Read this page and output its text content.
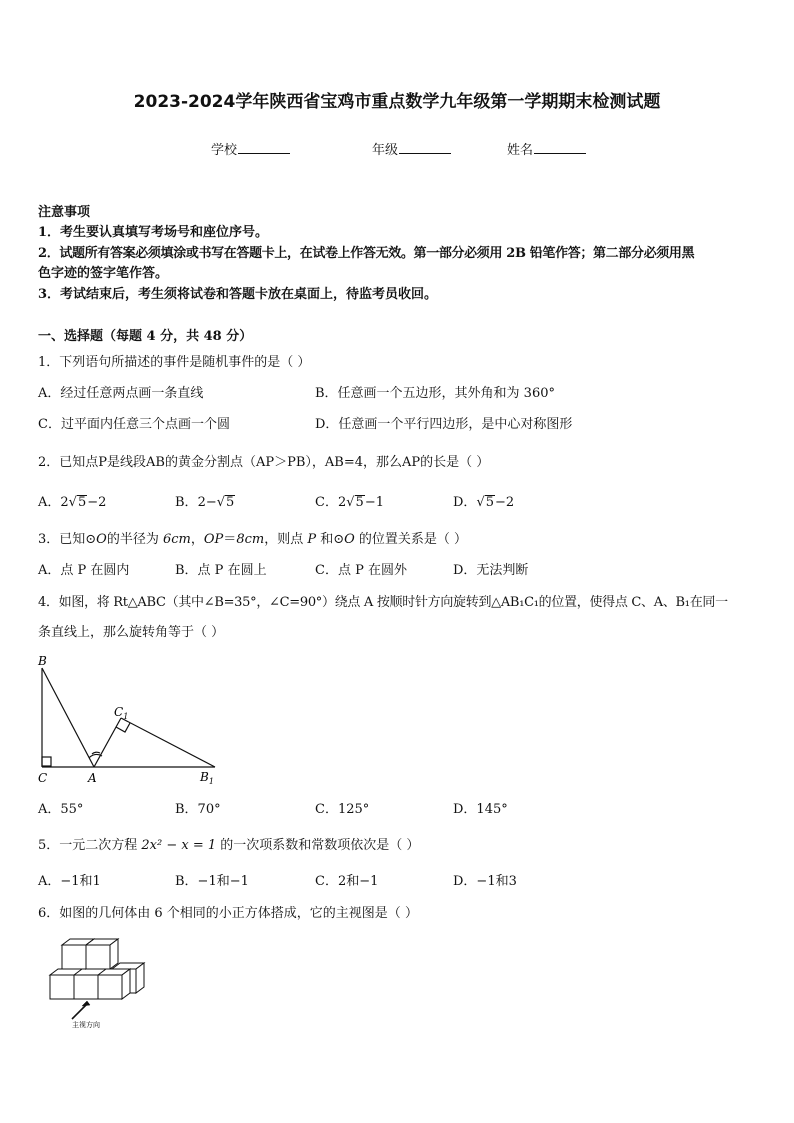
2023-2024学年陕西省宝鸡市重点数学九年级第一学期期末检测试题
学校	年级	姓名
注意事项
1．考生要认真填写考场号和座位序号。
2．试题所有答案必须填涂或书写在答题卡上，在试卷上作答无效。第一部分必须用 2B 铅笔作答；第二部分必须用黑
色字迹的签字笔作答。
3．考试结束后，考生须将试卷和答题卡放在桌面上，待监考员收回。
一、选择题（每题 4 分，共 48 分）
1．下列语句所描述的事件是随机事件的是（ ）
A．经过任意两点画一条直线	B．任意画一个五边形，其外角和为 360°
C．过平面内任意三个点画一个圆	D．任意画一个平行四边形，是中心对称图形
2．已知点P是线段AB的黄金分割点（AP＞PB），AB=4，那么AP的长是（ ）
A．2√5−2	B．2−√5	C．2√5−1	D．√5−2
3．已知⊙O的半径为 6cm，OP＝8cm，则点 P 和⊙O 的位置关系是（ ）
A．点 P 在圆内	B．点 P 在圆上	C．点 P 在圆外	D．无法判断
4．如图，将 Rt△ABC（其中∠B=35°，∠C=90°）绕点 A 按顺时针方向旋转到△AB₁C₁的位置，使得点 C、A、B₁在同一
条直线上，那么旋转角等于（ ）
B
C	A	$B_1$
$C_1$
A．55°	B．70°	C．125°	D．145°
5．一元二次方程 2x² − x = 1 的一次项系数和常数项依次是（ ）
A．−1和1	B．−1和−1	C．2和−1	D．−1和3
6．如图的几何体由 6 个相同的小正方体搭成，它的主视图是（ ）
主视方向
